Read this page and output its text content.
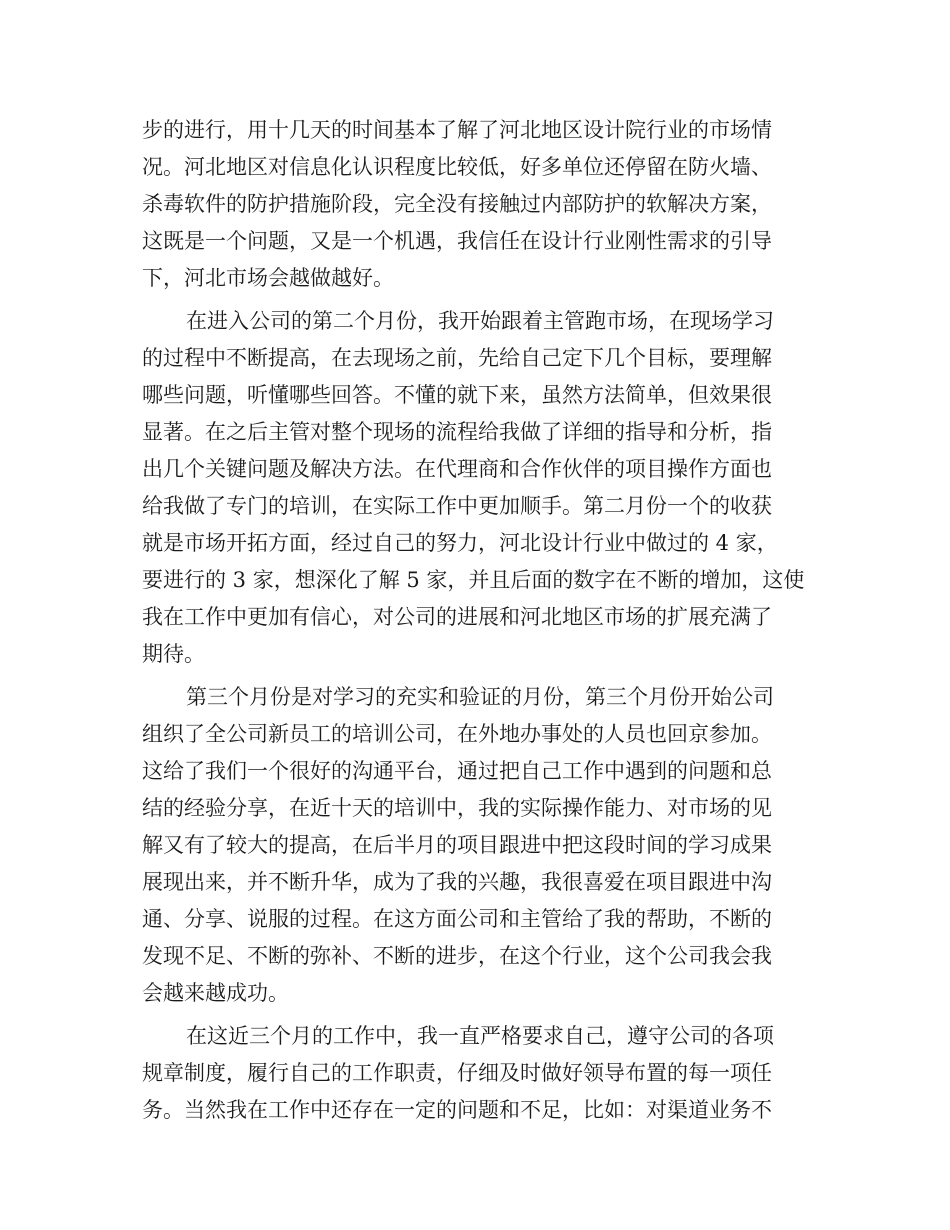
步的进行，用十几天的时间基本了解了河北地区设计院行业的市场情
况。河北地区对信息化认识程度比较低，好多单位还停留在防火墙、
杀毒软件的防护措施阶段，完全没有接触过内部防护的软解决方案，
这既是一个问题，又是一个机遇，我信任在设计行业刚性需求的引导
下，河北市场会越做越好。
在进入公司的第二个月份，我开始跟着主管跑市场，在现场学习
的过程中不断提高，在去现场之前，先给自己定下几个目标，要理解
哪些问题，听懂哪些回答。不懂的就下来，虽然方法简单，但效果很
显著。在之后主管对整个现场的流程给我做了详细的指导和分析，指
出几个关键问题及解决方法。在代理商和合作伙伴的项目操作方面也
给我做了专门的培训，在实际工作中更加顺手。第二月份一个的收获
就是市场开拓方面，经过自己的努力，河北设计行业中做过的 4 家，
要进行的 3 家，想深化了解 5 家，并且后面的数字在不断的增加，这使
我在工作中更加有信心，对公司的进展和河北地区市场的扩展充满了
期待。
第三个月份是对学习的充实和验证的月份，第三个月份开始公司
组织了全公司新员工的培训公司，在外地办事处的人员也回京参加。
这给了我们一个很好的沟通平台，通过把自己工作中遇到的问题和总
结的经验分享，在近十天的培训中，我的实际操作能力、对市场的见
解又有了较大的提高，在后半月的项目跟进中把这段时间的学习成果
展现出来，并不断升华，成为了我的兴趣，我很喜爱在项目跟进中沟
通、分享、说服的过程。在这方面公司和主管给了我的帮助，不断的
发现不足、不断的弥补、不断的进步，在这个行业，这个公司我会我
会越来越成功。
在这近三个月的工作中，我一直严格要求自己，遵守公司的各项
规章制度，履行自己的工作职责，仔细及时做好领导布置的每一项任
务。当然我在工作中还存在一定的问题和不足，比如：对渠道业务不
